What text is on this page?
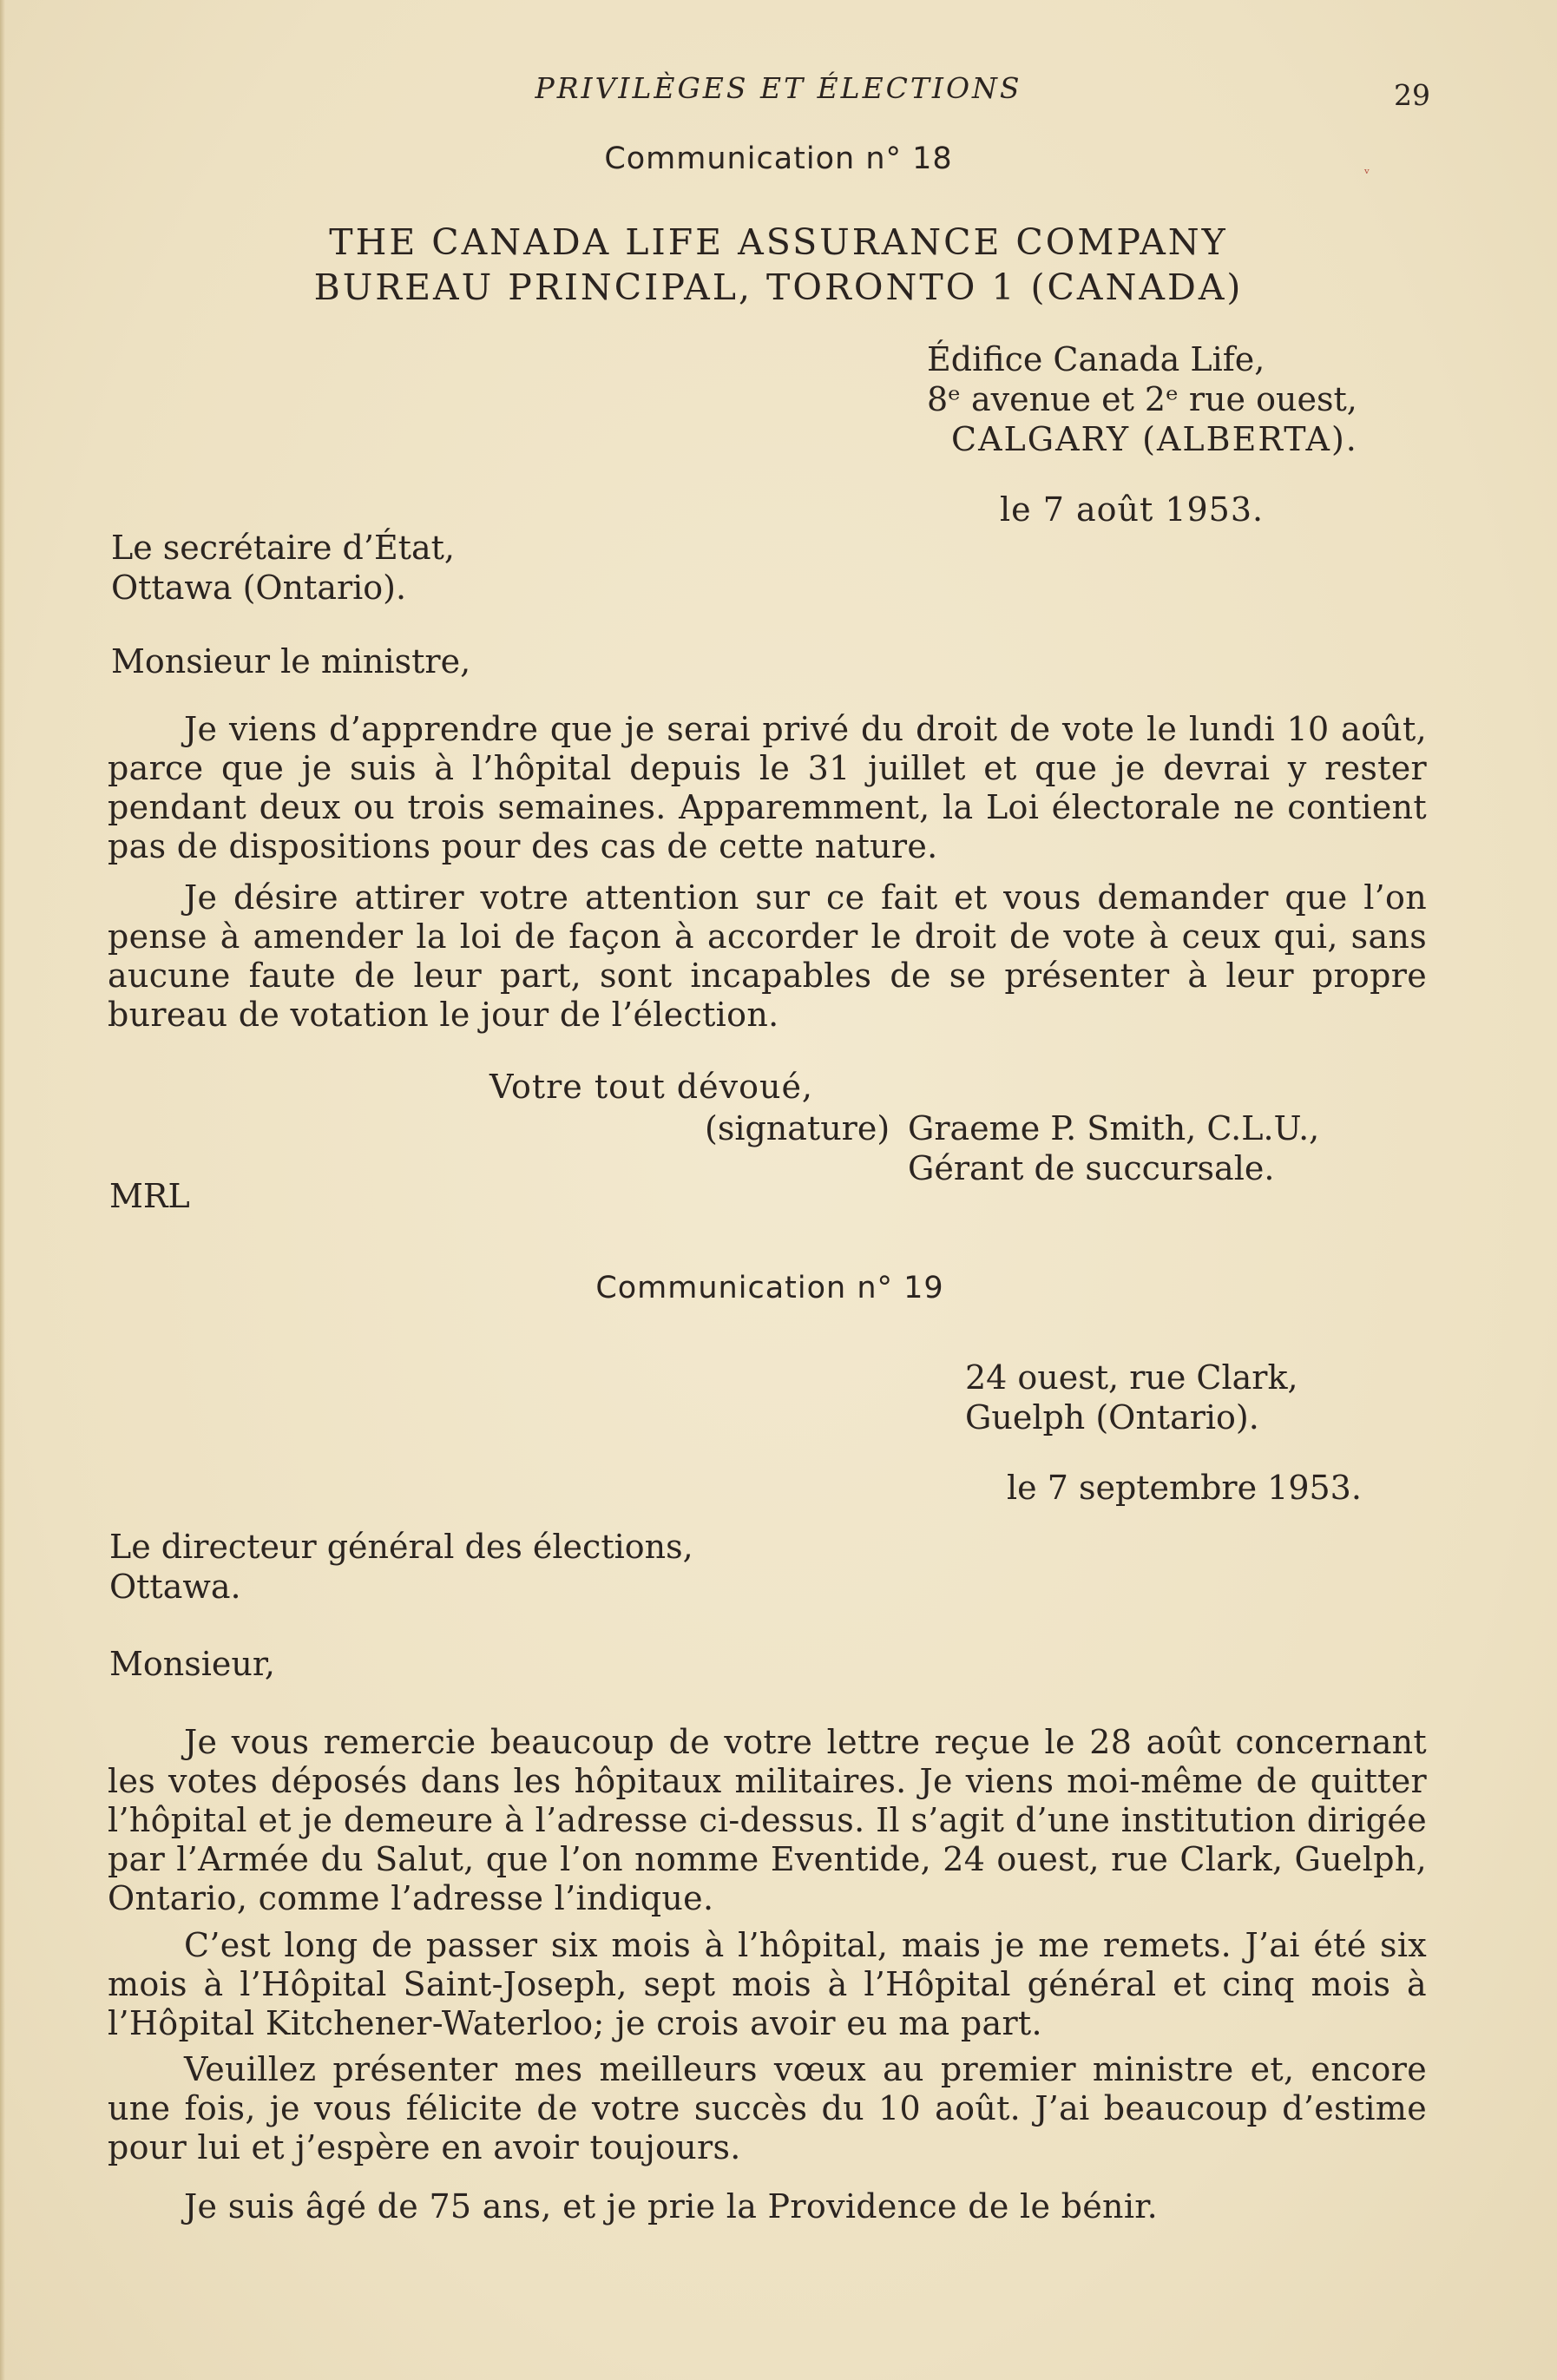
PRIVILÈGES ET ÉLECTIONS	29
ᵛ
Communication n° 18
THE CANADA LIFE ASSURANCE COMPANY
BUREAU PRINCIPAL, TORONTO 1 (CANADA)
Édifice Canada Life,
8ᵉ avenue et 2ᵉ rue ouest,
CALGARY (ALBERTA).
le 7 août 1953.
Le secrétaire d’État,
Ottawa (Ontario).
Monsieur le ministre,
Je viens d’apprendre que je serai privé du droit de vote le lundi 10 août, parce que je suis à l’hôpital depuis le 31 juillet et que je devrai y rester pendant deux ou trois semaines. Apparemment, la Loi électorale ne contient pas de dispositions pour des cas de cette nature.
Je désire attirer votre attention sur ce fait et vous demander que l’on pense à amender la loi de façon à accorder le droit de vote à ceux qui, sans aucune faute de leur part, sont incapables de se présenter à leur propre bureau de votation le jour de l’élection.
Votre tout dévoué,
(signature) Graeme P. Smith, C.L.U.,
Gérant de succursale.
MRL
Communication n° 19
24 ouest, rue Clark,
Guelph (Ontario).
le 7 septembre 1953.
Le directeur général des élections,
Ottawa.
Monsieur,
Je vous remercie beaucoup de votre lettre reçue le 28 août concernant les votes déposés dans les hôpitaux militaires. Je viens moi-même de quitter l’hôpital et je demeure à l’adresse ci-dessus. Il s’agit d’une institution dirigée par l’Armée du Salut, que l’on nomme Eventide, 24 ouest, rue Clark, Guelph, Ontario, comme l’adresse l’indique.
C’est long de passer six mois à l’hôpital, mais je me remets. J’ai été six mois à l’Hôpital Saint-Joseph, sept mois à l’Hôpital général et cinq mois à l’Hôpital Kitchener-Waterloo; je crois avoir eu ma part.
Veuillez présenter mes meilleurs vœux au premier ministre et, encore une fois, je vous félicite de votre succès du 10 août. J’ai beaucoup d’estime pour lui et j’espère en avoir toujours.
Je suis âgé de 75 ans, et je prie la Providence de le bénir.
